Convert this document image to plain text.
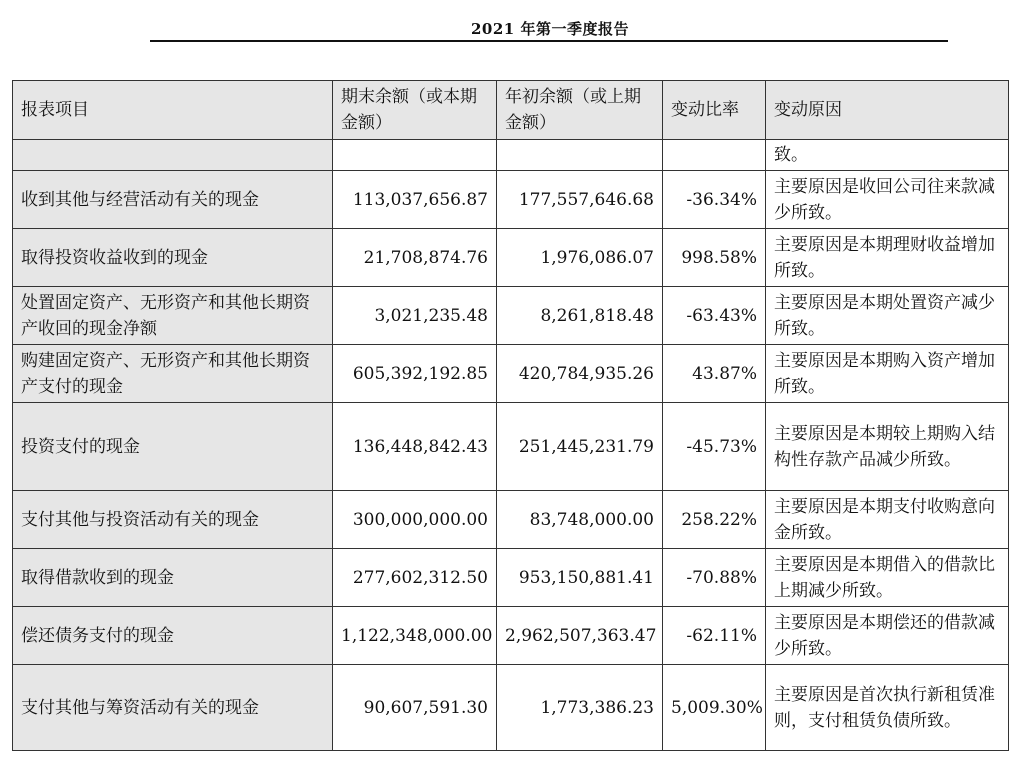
2021 年第一季度报告
报表项目	期末余额（或本期金额）	年初余额（或上期金额）	变动比率	变动原因
				致。
收到其他与经营活动有关的现金	113,037,656.87	177,557,646.68	-36.34%	主要原因是收回公司往来款减少所致。
取得投资收益收到的现金	21,708,874.76	1,976,086.07	998.58%	主要原因是本期理财收益增加所致。
处置固定资产、无形资产和其他长期资产收回的现金净额	3,021,235.48	8,261,818.48	-63.43%	主要原因是本期处置资产减少所致。
购建固定资产、无形资产和其他长期资产支付的现金	605,392,192.85	420,784,935.26	43.87%	主要原因是本期购入资产增加所致。
投资支付的现金	136,448,842.43	251,445,231.79	-45.73%	主要原因是本期较上期购入结构性存款产品减少所致。
支付其他与投资活动有关的现金	300,000,000.00	83,748,000.00	258.22%	主要原因是本期支付收购意向金所致。
取得借款收到的现金	277,602,312.50	953,150,881.41	-70.88%	主要原因是本期借入的借款比上期减少所致。
偿还债务支付的现金	1,122,348,000.00	2,962,507,363.47	-62.11%	主要原因是本期偿还的借款减少所致。
支付其他与筹资活动有关的现金	90,607,591.30	1,773,386.23	5,009.30%	主要原因是首次执行新租赁准则，支付租赁负债所致。
